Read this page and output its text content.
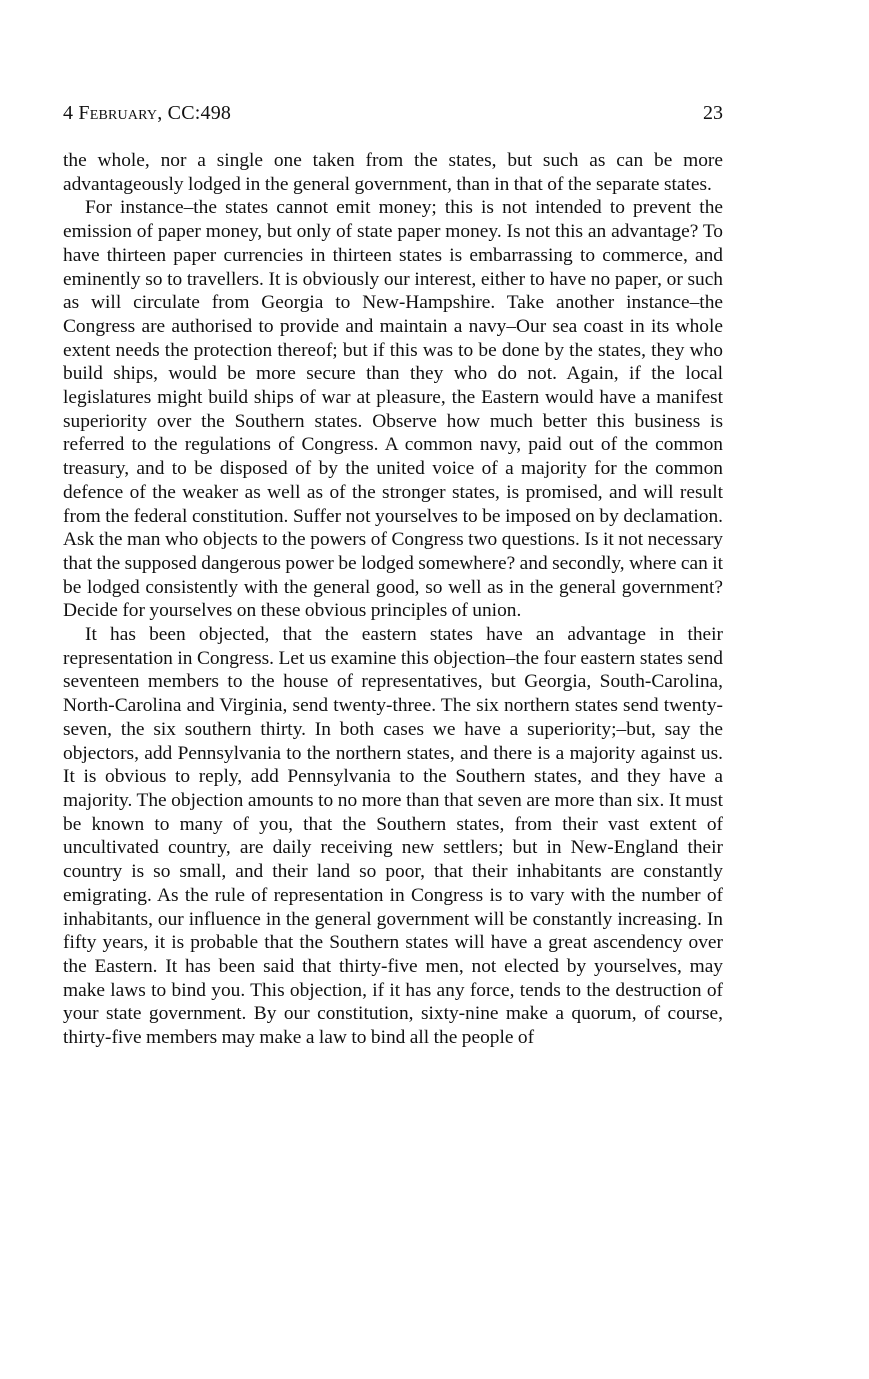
4 February, CC:498	23

the whole, nor a single one taken from the states, but such as can be more advantageously lodged in the general government, than in that of the separate states.

For instance–the states cannot emit money; this is not intended to prevent the emission of paper money, but only of state paper money. Is not this an advantage? To have thirteen paper currencies in thirteen states is embarrassing to commerce, and eminently so to travellers. It is obviously our interest, either to have no paper, or such as will circulate from Georgia to New-Hampshire. Take another instance–the Congress are authorised to provide and maintain a navy–Our sea coast in its whole extent needs the protection thereof; but if this was to be done by the states, they who build ships, would be more secure than they who do not. Again, if the local legislatures might build ships of war at pleasure, the Eastern would have a manifest superiority over the Southern states. Observe how much better this business is referred to the regulations of Congress. A common navy, paid out of the common treasury, and to be disposed of by the united voice of a majority for the common defence of the weaker as well as of the stronger states, is promised, and will result from the federal constitution. Suffer not yourselves to be imposed on by declamation. Ask the man who objects to the powers of Congress two questions. Is it not necessary that the supposed dangerous power be lodged somewhere? and secondly, where can it be lodged consistently with the general good, so well as in the general government? Decide for yourselves on these obvious principles of union.

It has been objected, that the eastern states have an advantage in their representation in Congress. Let us examine this objection–the four eastern states send seventeen members to the house of representatives, but Georgia, South-Carolina, North-Carolina and Virginia, send twenty-three. The six northern states send twenty-seven, the six southern thirty. In both cases we have a superiority;–but, say the objectors, add Pennsylvania to the northern states, and there is a majority against us. It is obvious to reply, add Pennsylvania to the Southern states, and they have a majority. The objection amounts to no more than that seven are more than six. It must be known to many of you, that the Southern states, from their vast extent of uncultivated country, are daily receiving new settlers; but in New-England their country is so small, and their land so poor, that their inhabitants are constantly emigrating. As the rule of representation in Congress is to vary with the number of inhabitants, our influence in the general government will be constantly increasing. In fifty years, it is probable that the Southern states will have a great ascendency over the Eastern. It has been said that thirty-five men, not elected by yourselves, may make laws to bind you. This objection, if it has any force, tends to the destruction of your state government. By our constitution, sixty-nine make a quorum, of course, thirty-five members may make a law to bind all the people of
